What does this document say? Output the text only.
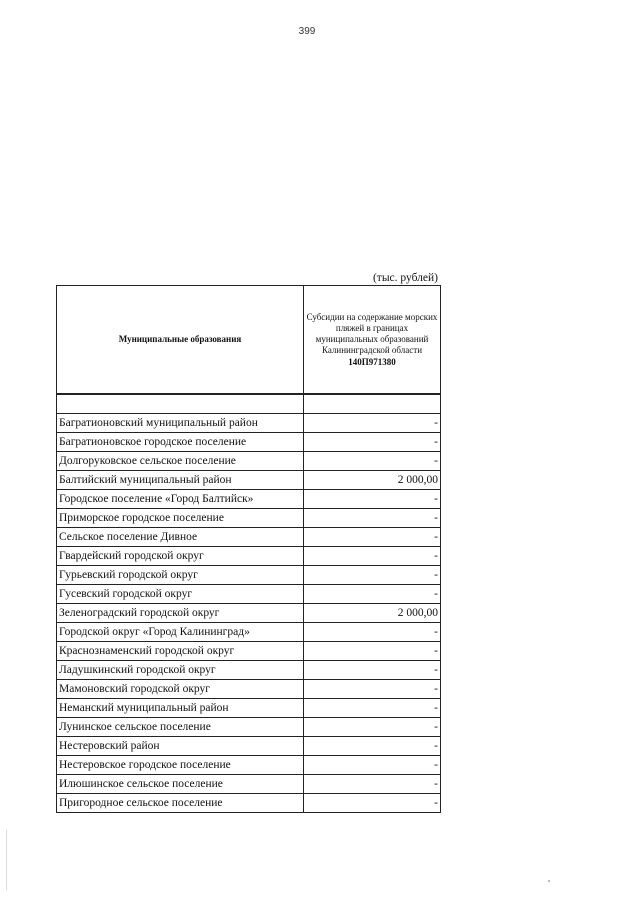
399
(тыс. рублей)
Муниципальные образования	Субсидии на содержание морских пляжей в границах муниципальных образований Калининградской области
140П971380

Багратионовский муниципальный район	-
Багратионовское городское поселение	-
Долгоруковское сельское поселение	-
Балтийский муниципальный район	2 000,00
Городское поселение «Город Балтийск»	-
Приморское городское поселение	-
Сельское поселение Дивное	-
Гвардейский городской округ	-
Гурьевский городской округ	-
Гусевский городской округ	-
Зеленоградский городской округ	2 000,00
Городской округ «Город Калининград»	-
Краснознаменский городской округ	-
Ладушкинский городской округ	-
Мамоновский городской округ	-
Неманский муниципальный район	-
Лунинское сельское поселение	-
Нестеровский район	-
Нестеровское городское поселение	-
Илюшинское сельское поселение	-
Пригородное сельское поселение	-
